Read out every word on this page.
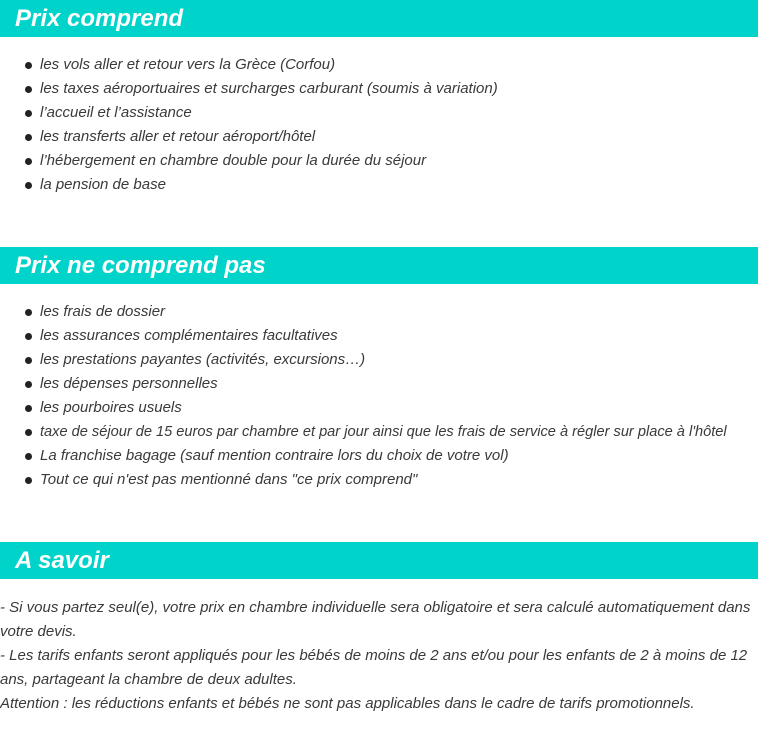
Prix comprend
les vols aller et retour vers la Grèce (Corfou)
les taxes aéroportuaires et surcharges carburant (soumis à variation)
l’accueil et l’assistance
les transferts aller et retour aéroport/hôtel
l’hébergement en chambre double pour la durée du séjour
la pension de base
Prix ne comprend pas
les frais de dossier
les assurances complémentaires facultatives
les prestations payantes (activités, excursions…)
les dépenses personnelles
les pourboires usuels
taxe de séjour de 15 euros par chambre et par jour ainsi que les frais de service à régler sur place à l'hôtel
La franchise bagage (sauf mention contraire lors du choix de votre vol)
Tout ce qui n'est pas mentionné dans "ce prix comprend"
A savoir

- Si vous partez seul(e), votre prix en chambre individuelle sera obligatoire et sera calculé automatiquement dans votre devis.

- Les tarifs enfants seront appliqués pour les bébés de moins de 2 ans et/ou pour les enfants de 2 à moins de 12 ans, partageant la chambre de deux adultes.

Attention : les réductions enfants et bébés ne sont pas applicables dans le cadre de tarifs promotionnels.
